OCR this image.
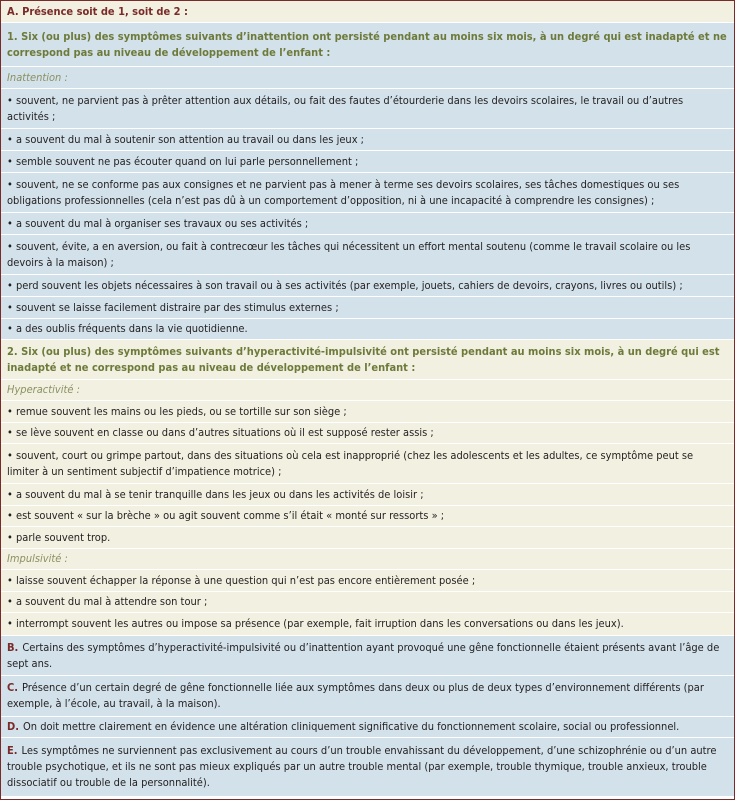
A. Présence soit de 1, soit de 2 :
1. Six (ou plus) des symptômes suivants d’inattention ont persisté pendant au moins six mois, à un degré qui est inadapté et ne correspond pas au niveau de développement de l’enfant :
Inattention :
• souvent, ne parvient pas à prêter attention aux détails, ou fait des fautes d’étourderie dans les devoirs scolaires, le travail ou d’autres activités ;
• a souvent du mal à soutenir son attention au travail ou dans les jeux ;
• semble souvent ne pas écouter quand on lui parle personnellement ;
• souvent, ne se conforme pas aux consignes et ne parvient pas à mener à terme ses devoirs scolaires, ses tâches domestiques ou ses obligations professionnelles (cela n’est pas dû à un comportement d’opposition, ni à une incapacité à comprendre les consignes) ;
• a souvent du mal à organiser ses travaux ou ses activités ;
• souvent, évite, a en aversion, ou fait à contrecœur les tâches qui nécessitent un effort mental soutenu (comme le travail scolaire ou les devoirs à la maison) ;
• perd souvent les objets nécessaires à son travail ou à ses activités (par exemple, jouets, cahiers de devoirs, crayons, livres ou outils) ;
• souvent se laisse facilement distraire par des stimulus externes ;
• a des oublis fréquents dans la vie quotidienne.
2. Six (ou plus) des symptômes suivants d’hyperactivité-impulsivité ont persisté pendant au moins six mois, à un degré qui est inadapté et ne correspond pas au niveau de développement de l’enfant :
Hyperactivité :
• remue souvent les mains ou les pieds, ou se tortille sur son siège ;
• se lève souvent en classe ou dans d’autres situations où il est supposé rester assis ;
• souvent, court ou grimpe partout, dans des situations où cela est inapproprié (chez les adolescents et les adultes, ce symptôme peut se limiter à un sentiment subjectif d’impatience motrice) ;
• a souvent du mal à se tenir tranquille dans les jeux ou dans les activités de loisir ;
• est souvent « sur la brèche » ou agit souvent comme s’il était « monté sur ressorts » ;
• parle souvent trop.
Impulsivité :
• laisse souvent échapper la réponse à une question qui n’est pas encore entièrement posée ;
• a souvent du mal à attendre son tour ;
• interrompt souvent les autres ou impose sa présence (par exemple, fait irruption dans les conversations ou dans les jeux).
B. Certains des symptômes d’hyperactivité-impulsivité ou d’inattention ayant provoqué une gêne fonctionnelle étaient présents avant l’âge de sept ans.
C. Présence d’un certain degré de gêne fonctionnelle liée aux symptômes dans deux ou plus de deux types d’environnement différents (par exemple, à l’école, au travail, à la maison).
D. On doit mettre clairement en évidence une altération cliniquement significative du fonctionnement scolaire, social ou professionnel.
E. Les symptômes ne surviennent pas exclusivement au cours d’un trouble envahissant du développement, d’une schizophrénie ou d’un autre trouble psychotique, et ils ne sont pas mieux expliqués par un autre trouble mental (par exemple, trouble thymique, trouble anxieux, trouble dissociatif ou trouble de la personnalité).
